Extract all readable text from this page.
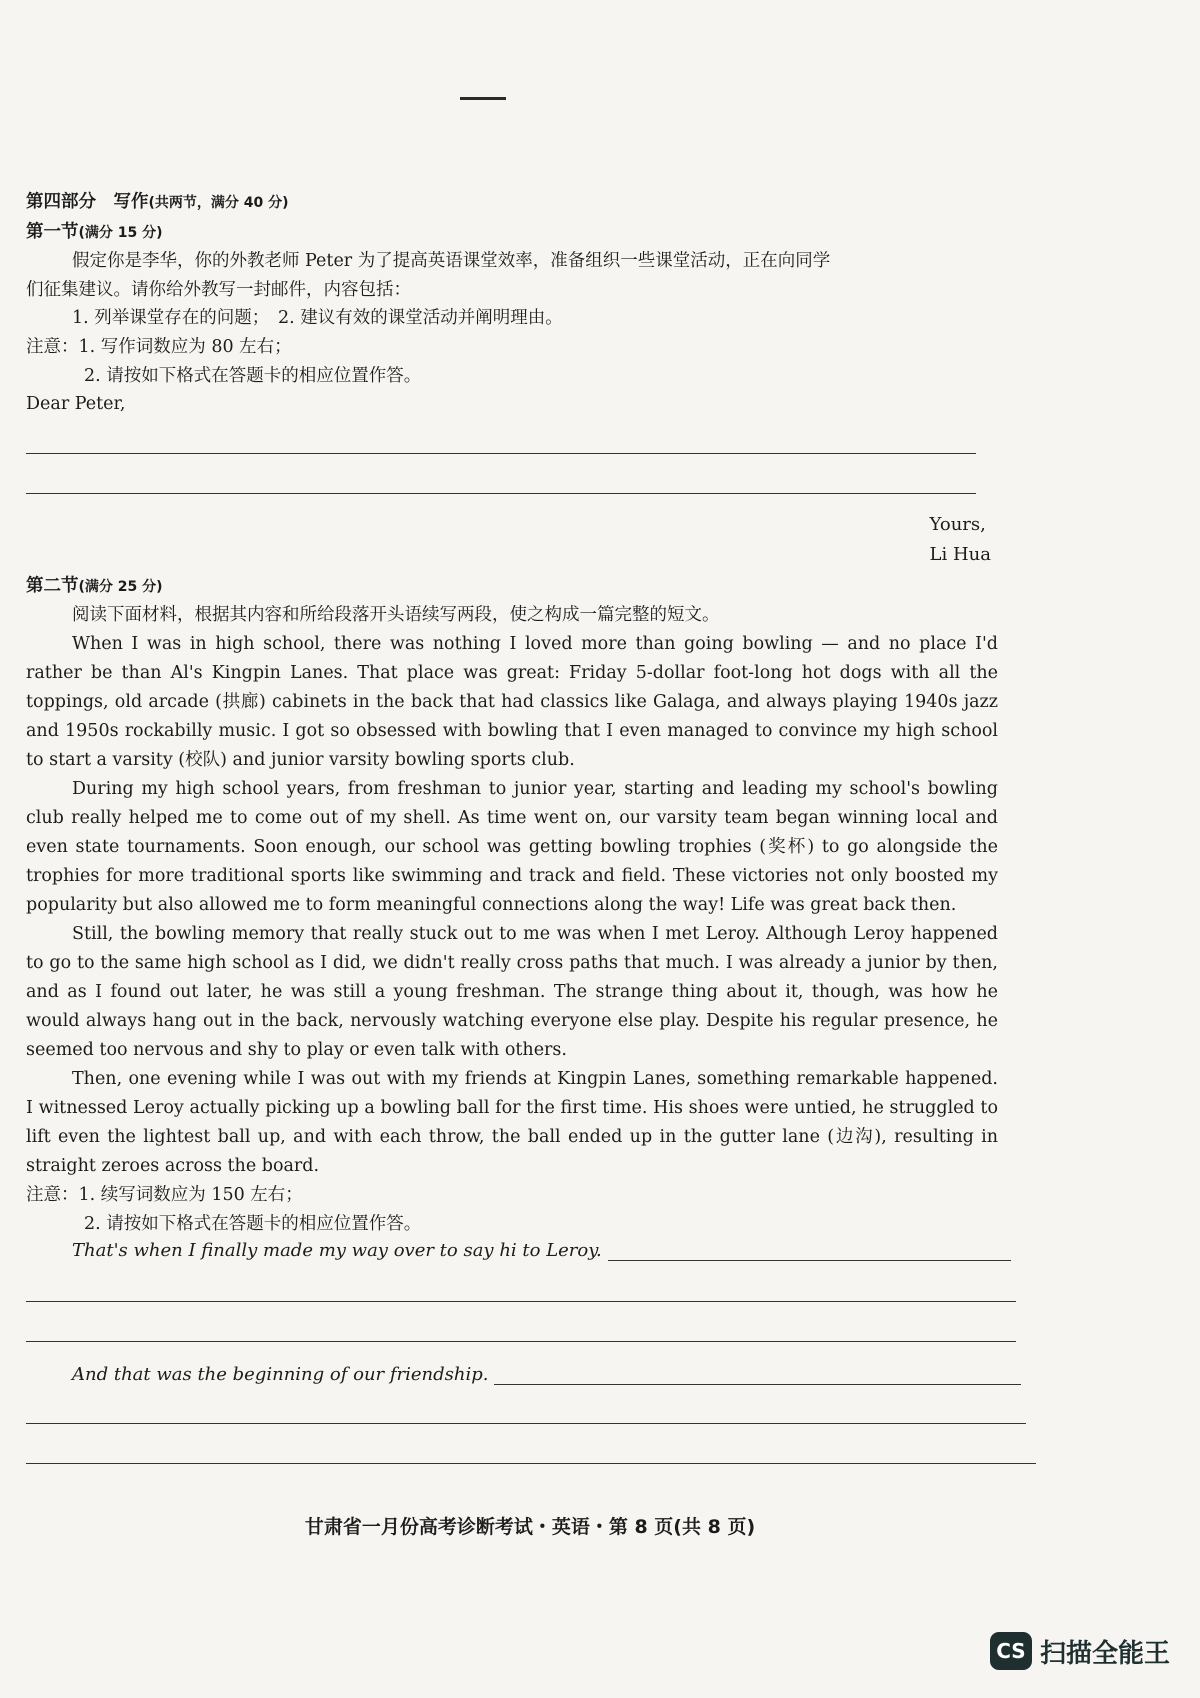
第四部分　写作(共两节，满分 40 分)
第一节(满分 15 分)
假定你是李华，你的外教老师 Peter 为了提高英语课堂效率，准备组织一些课堂活动，正在向同学
们征集建议。请你给外教写一封邮件，内容包括：
1. 列举课堂存在的问题；　2. 建议有效的课堂活动并阐明理由。
注意：1. 写作词数应为 80 左右；
2. 请按如下格式在答题卡的相应位置作答。
Dear Peter,
Yours,
Li Hua
第二节(满分 25 分)
阅读下面材料，根据其内容和所给段落开头语续写两段，使之构成一篇完整的短文。

When I was in high school, there was nothing I loved more than going bowling — and no place I'd rather be than Al's Kingpin Lanes. That place was great: Friday 5-dollar foot-long hot dogs with all the toppings, old arcade (拱廊) cabinets in the back that had classics like Galaga, and always playing 1940s jazz and 1950s rockabilly music. I got so obsessed with bowling that I even managed to convince my high school to start a varsity (校队) and junior varsity bowling sports club.

During my high school years, from freshman to junior year, starting and leading my school's bowling club really helped me to come out of my shell. As time went on, our varsity team began winning local and even state tournaments. Soon enough, our school was getting bowling trophies (奖杯) to go alongside the trophies for more traditional sports like swimming and track and field. These victories not only boosted my popularity but also allowed me to form meaningful connections along the way! Life was great back then.

Still, the bowling memory that really stuck out to me was when I met Leroy. Although Leroy happened to go to the same high school as I did, we didn't really cross paths that much. I was already a junior by then, and as I found out later, he was still a young freshman. The strange thing about it, though, was how he would always hang out in the back, nervously watching everyone else play. Despite his regular presence, he seemed too nervous and shy to play or even talk with others.

Then, one evening while I was out with my friends at Kingpin Lanes, something remarkable happened. I witnessed Leroy actually picking up a bowling ball for the first time. His shoes were untied, he struggled to lift even the lightest ball up, and with each throw, the ball ended up in the gutter lane (边沟), resulting in straight zeroes across the board.

注意：1. 续写词数应为 150 左右；
2. 请按如下格式在答题卡的相应位置作答。
That's when I finally made my way over to say hi to Leroy.
And that was the beginning of our friendship.
甘肃省一月份高考诊断考试・英语・第 8 页(共 8 页)
CS 扫描全能王
